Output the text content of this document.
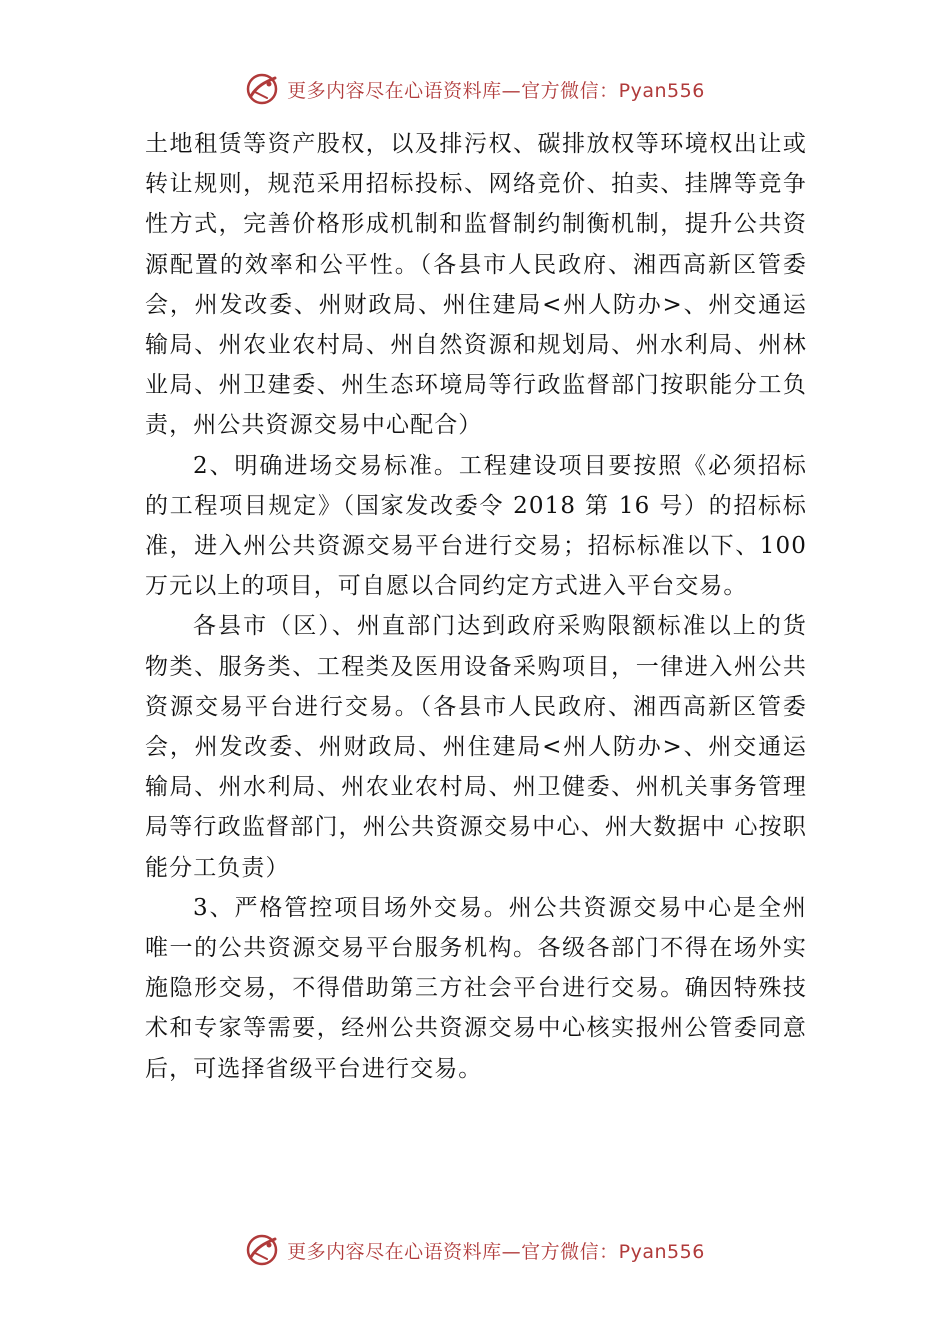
更多内容尽在心语资料库—官方微信：Pyan556

土地租赁等资产股权，以及排污权、碳排放权等环境权出让或转让规则，规范采用招标投标、网络竞价、拍卖、挂牌等竞争性方式，完善价格形成机制和监督制约制衡机制，提升公共资源配置的效率和公平性。（各县市人民政府、湘西高新区管委会，州发改委、州财政局、州住建局<州人防办>、州交通运输局、州农业农村局、州自然资源和规划局、州水利局、州林业局、州卫建委、州生态环境局等行政监督部门按职能分工负责，州公共资源交易中心配合）

2、明确进场交易标准。工程建设项目要按照《必须招标的工程项目规定》（国家发改委令 2018 第 16 号）的招标标准，进入州公共资源交易平台进行交易；招标标准以下、100 万元以上的项目，可自愿以合同约定方式进入平台交易。

各县市（区）、州直部门达到政府采购限额标准以上的货物类、服务类、工程类及医用设备采购项目，一律进入州公共资源交易平台进行交易。（各县市人民政府、湘西高新区管委会，州发改委、州财政局、州住建局<州人防办>、州交通运输局、州水利局、州农业农村局、州卫健委、州机关事务管理局等行政监督部门，州公共资源交易中心、州大数据中 心按职能分工负责）

3、严格管控项目场外交易。州公共资源交易中心是全州唯一的公共资源交易平台服务机构。各级各部门不得在场外实施隐形交易，不得借助第三方社会平台进行交易。确因特殊技术和专家等需要，经州公共资源交易中心核实报州公管委同意后，可选择省级平台进行交易。

更多内容尽在心语资料库—官方微信：Pyan556
